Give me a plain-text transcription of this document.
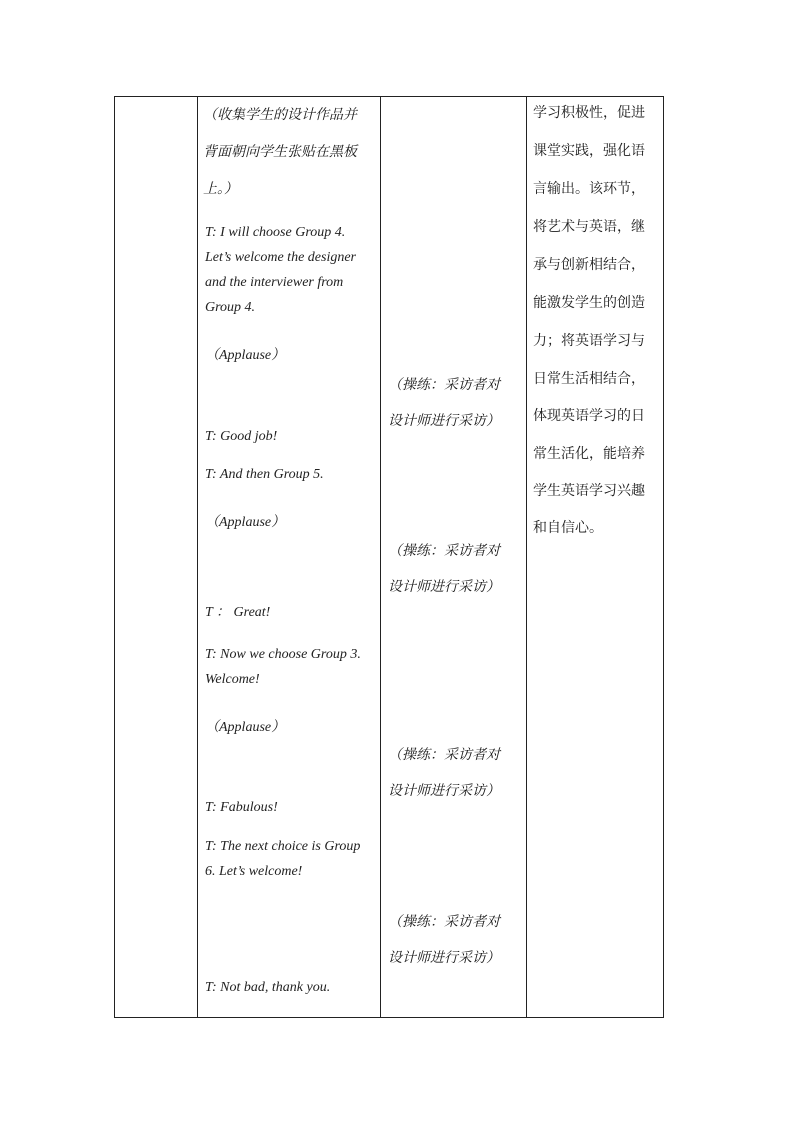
（收集学生的设计作品并
背面朝向学生张贴在黑板
上。）
T: I will choose Group 4.
Let’s welcome the designer
and the interviewer from
Group 4.
（Applause）
T: Good job!
T: And then Group 5.
（Applause）
T ： Great!
T: Now we choose Group 3.
Welcome!
（Applause）
T: Fabulous!
T: The next choice is Group
6. Let’s welcome!
T: Not bad, thank you.
（操练：采访者对
设计师进行采访）
（操练：采访者对
设计师进行采访）
（操练：采访者对
设计师进行采访）
（操练：采访者对
设计师进行采访）
学习积极性，促进
课堂实践，强化语
言输出。该环节，
将艺术与英语，继
承与创新相结合，
能激发学生的创造
力；将英语学习与
日常生活相结合，
体现英语学习的日
常生活化，能培养
学生英语学习兴趣
和自信心。
